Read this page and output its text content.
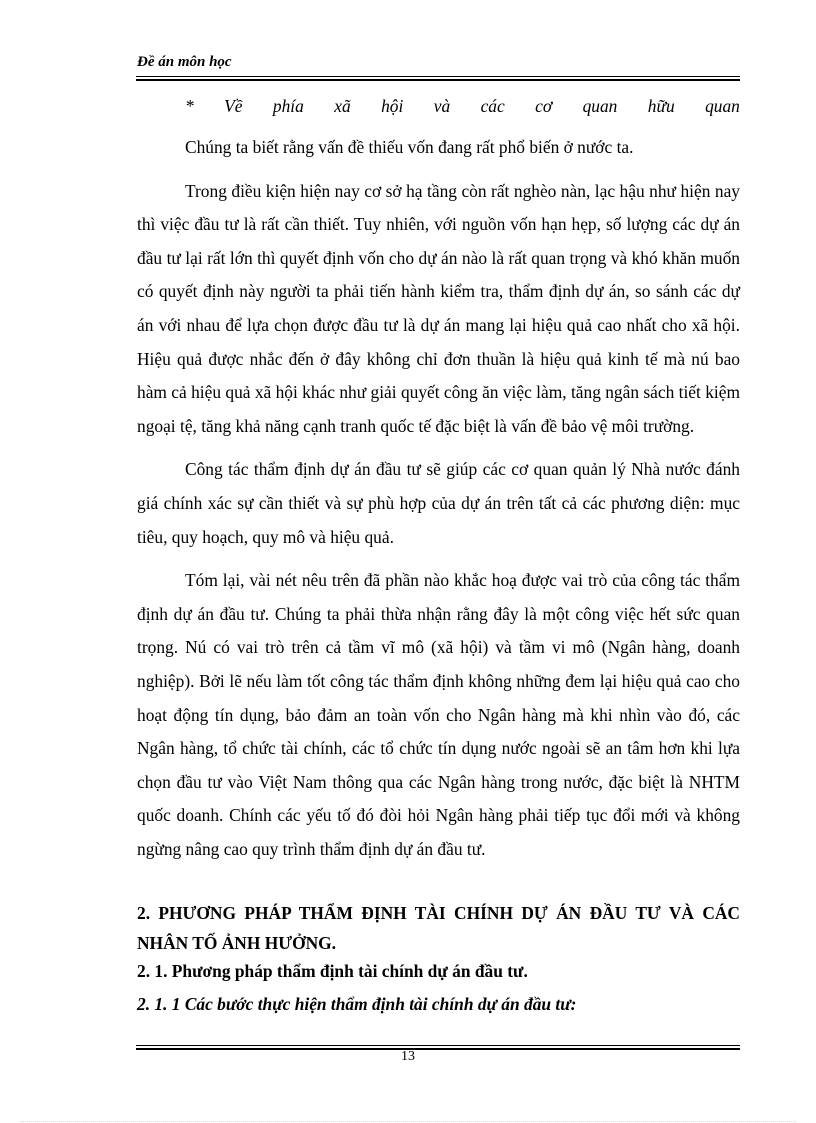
Đề án môn học
* Về phía xã hội và các cơ quan hữu quan

Chúng ta biết rằng vấn đề thiếu vốn đang rất phổ biến ở nước ta.

Trong điều kiện hiện nay cơ sở hạ tầng còn rất nghèo nàn, lạc hậu như hiện nay thì việc đầu tư là rất cần thiết. Tuy nhiên, với nguồn vốn hạn hẹp, số lượng các dự án đầu tư lại rất lớn thì quyết định vốn cho dự án nào là rất quan trọng và khó khăn muốn có quyết định này người ta phải tiến hành kiểm tra, thẩm định dự án, so sánh các dự án với nhau để lựa chọn được đầu tư là dự án mang lại hiệu quả cao nhất cho xã hội. Hiệu quả được nhắc đến ở đây không chỉ đơn thuần là hiệu quả kinh tế mà nú bao hàm cả hiệu quả xã hội khác như giải quyết công ăn việc làm, tăng ngân sách tiết kiệm ngoại tệ, tăng khả năng cạnh tranh quốc tế đặc biệt là vấn đề bảo vệ môi trường.

Công tác thẩm định dự án đầu tư sẽ giúp các cơ quan quản lý Nhà nước đánh giá chính xác sự cần thiết và sự phù hợp của dự án trên tất cả các phương diện: mục tiêu, quy hoạch, quy mô và hiệu quả.

Tóm lại, vài nét nêu trên đã phần nào khắc hoạ được vai trò của công tác thẩm định dự án đầu tư. Chúng ta phải thừa nhận rằng đây là một công việc hết sức quan trọng. Nú có vai trò trên cả tầm vĩ mô (xã hội) và tầm vi mô (Ngân hàng, doanh nghiệp). Bởi lẽ nếu làm tốt công tác thẩm định không những đem lại hiệu quả cao cho hoạt động tín dụng, bảo đảm an toàn vốn cho Ngân hàng mà khi nhìn vào đó, các Ngân hàng, tổ chức tài chính, các tổ chức tín dụng nước ngoài sẽ an tâm hơn khi lựa chọn đầu tư vào Việt Nam thông qua các Ngân hàng trong nước, đặc biệt là NHTM quốc doanh. Chính các yếu tố đó đòi hỏi Ngân hàng phải tiếp tục đổi mới và không ngừng nâng cao quy trình thẩm định dự án đầu tư.

2. PHƯƠNG PHÁP THẨM ĐỊNH TÀI CHÍNH DỰ ÁN ĐẦU TƯ VÀ CÁC NHÂN TỐ ẢNH HƯỞNG.

2. 1. Phương pháp thẩm định tài chính dự án đầu tư.

2. 1. 1 Các bước thực hiện thẩm định tài chính dự án đầu tư:

13
